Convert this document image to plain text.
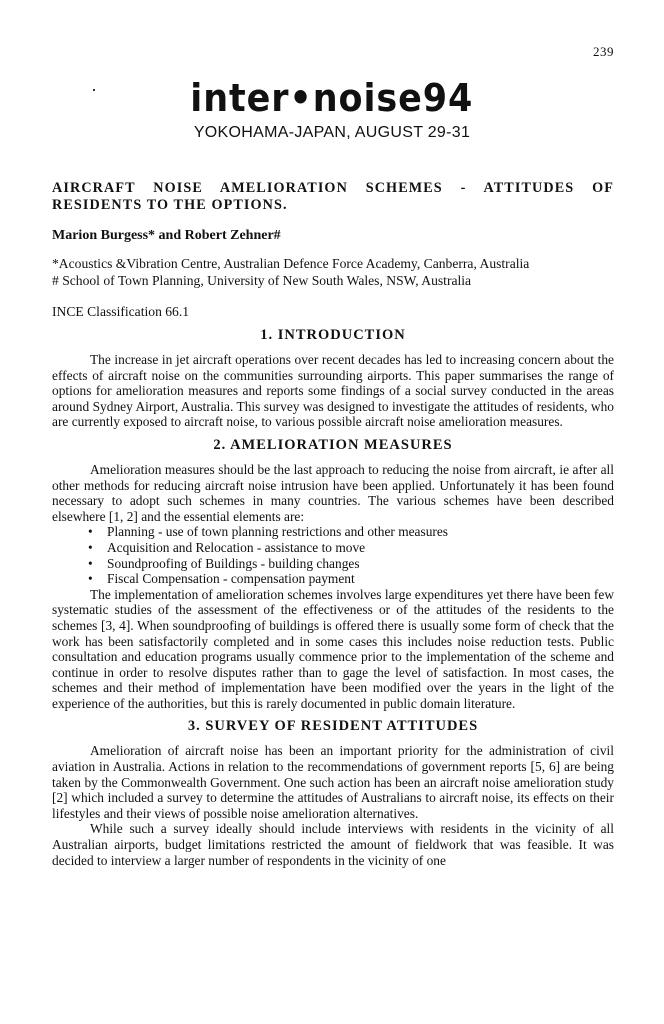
239
inter•noise94
YOKOHAMA-JAPAN, AUGUST 29-31
AIRCRAFT NOISE AMELIORATION SCHEMES - ATTITUDES OF
RESIDENTS TO THE OPTIONS.
Marion Burgess* and Robert Zehner#
*Acoustics &Vibration Centre, Australian Defence Force Academy, Canberra, Australia
# School of Town Planning, University of New South Wales, NSW, Australia
INCE Classification 66.1
1. INTRODUCTION

The increase in jet aircraft operations over recent decades has led to increasing concern about the effects of aircraft noise on the communities surrounding airports. This paper summarises the range of options for amelioration measures and reports some findings of a social survey conducted in the areas around Sydney Airport, Australia. This survey was designed to investigate the attitudes of residents, who are currently exposed to aircraft noise, to various possible aircraft noise amelioration measures.

2. AMELIORATION MEASURES

Amelioration measures should be the last approach to reducing the noise from aircraft, ie after all other methods for reducing aircraft noise intrusion have been applied. Unfortunately it has been found necessary to adopt such schemes in many countries. The various schemes have been described elsewhere [1, 2] and the essential elements are:

• Planning - use of town planning restrictions and other measures
• Acquisition and Relocation - assistance to move
• Soundproofing of Buildings - building changes
• Fiscal Compensation - compensation payment

The implementation of amelioration schemes involves large expenditures yet there have been few systematic studies of the assessment of the effectiveness or of the attitudes of the residents to the schemes [3, 4]. When soundproofing of buildings is offered there is usually some form of check that the work has been satisfactorily completed and in some cases this includes noise reduction tests. Public consultation and education programs usually commence prior to the implementation of the scheme and continue in order to resolve disputes rather than to gage the level of satisfaction. In most cases, the schemes and their method of implementation have been modified over the years in the light of the experience of the authorities, but this is rarely documented in public domain literature.

3. SURVEY OF RESIDENT ATTITUDES

Amelioration of aircraft noise has been an important priority for the administration of civil aviation in Australia. Actions in relation to the recommendations of government reports [5, 6] are being taken by the Commonwealth Government. One such action has been an aircraft noise amelioration study [2] which included a survey to determine the attitudes of Australians to aircraft noise, its effects on their lifestyles and their views of possible noise amelioration alternatives.

While such a survey ideally should include interviews with residents in the vicinity of all Australian airports, budget limitations restricted the amount of fieldwork that was feasible. It was decided to interview a larger number of respondents in the vicinity of one
